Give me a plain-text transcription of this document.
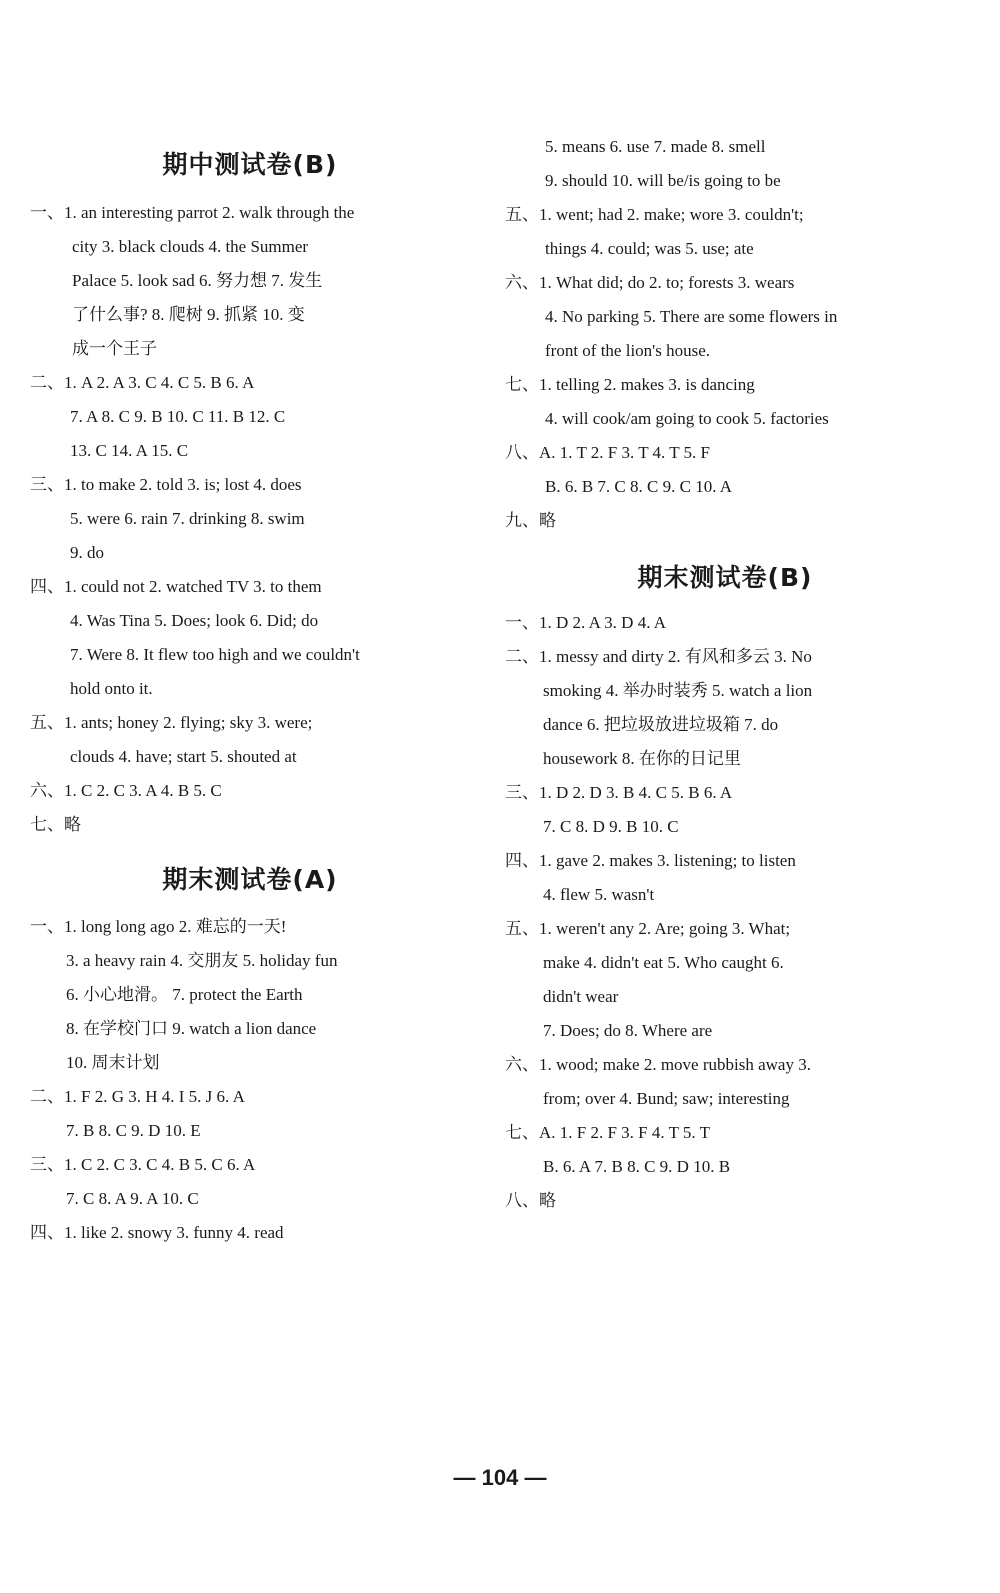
期中测试卷(B)
一、1. an interesting parrot 2. walk through the
city 3. black clouds 4. the Summer
Palace 5. look sad 6. 努力想 7. 发生
了什么事? 8. 爬树 9. 抓紧 10. 变
成一个王子
二、1. A 2. A 3. C 4. C 5. B 6. A
7. A 8. C 9. B 10. C 11. B 12. C
13. C 14. A 15. C
三、1. to make 2. told 3. is; lost 4. does
5. were 6. rain 7. drinking 8. swim
9. do
四、1. could not 2. watched TV 3. to them
4. Was Tina 5. Does; look 6. Did; do
7. Were 8. It flew too high and we couldn't
hold onto it.
五、1. ants; honey 2. flying; sky 3. were;
clouds 4. have; start 5. shouted at
六、1. C 2. C 3. A 4. B 5. C
七、略
期末测试卷(A)
一、1. long long ago 2. 难忘的一天!
3. a heavy rain 4. 交朋友 5. holiday fun
6. 小心地滑。 7. protect the Earth
8. 在学校门口 9. watch a lion dance
10. 周末计划
二、1. F 2. G 3. H 4. I 5. J 6. A
7. B 8. C 9. D 10. E
三、1. C 2. C 3. C 4. B 5. C 6. A
7. C 8. A 9. A 10. C
四、1. like 2. snowy 3. funny 4. read
5. means 6. use 7. made 8. smell
9. should 10. will be/is going to be
五、1. went; had 2. make; wore 3. couldn't;
things 4. could; was 5. use; ate
六、1. What did; do 2. to; forests 3. wears
4. No parking 5. There are some flowers in
front of the lion's house.
七、1. telling 2. makes 3. is dancing
4. will cook/am going to cook 5. factories
八、A. 1. T 2. F 3. T 4. T 5. F
B. 6. B 7. C 8. C 9. C 10. A
九、略
期末测试卷(B)
一、1. D 2. A 3. D 4. A
二、1. messy and dirty 2. 有风和多云 3. No
smoking 4. 举办时装秀 5. watch a lion
dance 6. 把垃圾放进垃圾箱 7. do
housework 8. 在你的日记里
三、1. D 2. D 3. B 4. C 5. B 6. A
7. C 8. D 9. B 10. C
四、1. gave 2. makes 3. listening; to listen
4. flew 5. wasn't
五、1. weren't any 2. Are; going 3. What;
make 4. didn't eat 5. Who caught 6.
didn't wear
7. Does; do 8. Where are
六、1. wood; make 2. move rubbish away 3.
from; over 4. Bund; saw; interesting
七、A. 1. F 2. F 3. F 4. T 5. T
B. 6. A 7. B 8. C 9. D 10. B
八、略
— 104 —
